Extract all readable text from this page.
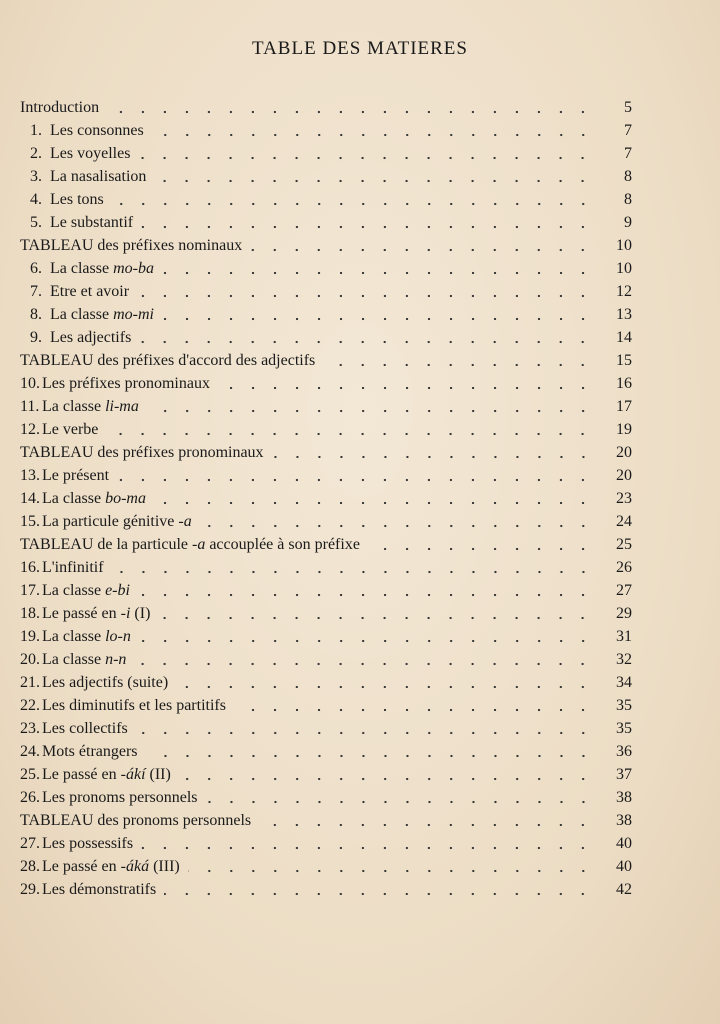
TABLE DES MATIERES
Introduction	5
1. Les consonnes	7
2. Les voyelles	7
3. La nasalisation	8
4. Les tons	8
5. Le substantif	9
TABLEAU des préfixes nominaux	10
6. La classe mo-ba	10
7. Etre et avoir	12
8. La classe mo-mi	13
9. Les adjectifs	14
TABLEAU des préfixes d'accord des adjectifs	15
10. Les préfixes pronominaux	16
11. La classe li-ma	17
12. Le verbe	19
TABLEAU des préfixes pronominaux	20
13. Le présent	20
14. La classe bo-ma	23
15. La particule génitive -a	24
TABLEAU de la particule -a accouplée à son préfixe	25
16. L'infinitif	26
17. La classe e-bi	27
18. Le passé en -i (I)	29
19. La classe lo-n	31
20. La classe n-n	32
21. Les adjectifs (suite)	34
22. Les diminutifs et les partitifs	35
23. Les collectifs	35
24. Mots étrangers	36
25. Le passé en -ákí (II)	37
26. Les pronoms personnels	38
TABLEAU des pronoms personnels	38
27. Les possessifs	40
28. Le passé en -áká (III)	40
29. Les démonstratifs	42
